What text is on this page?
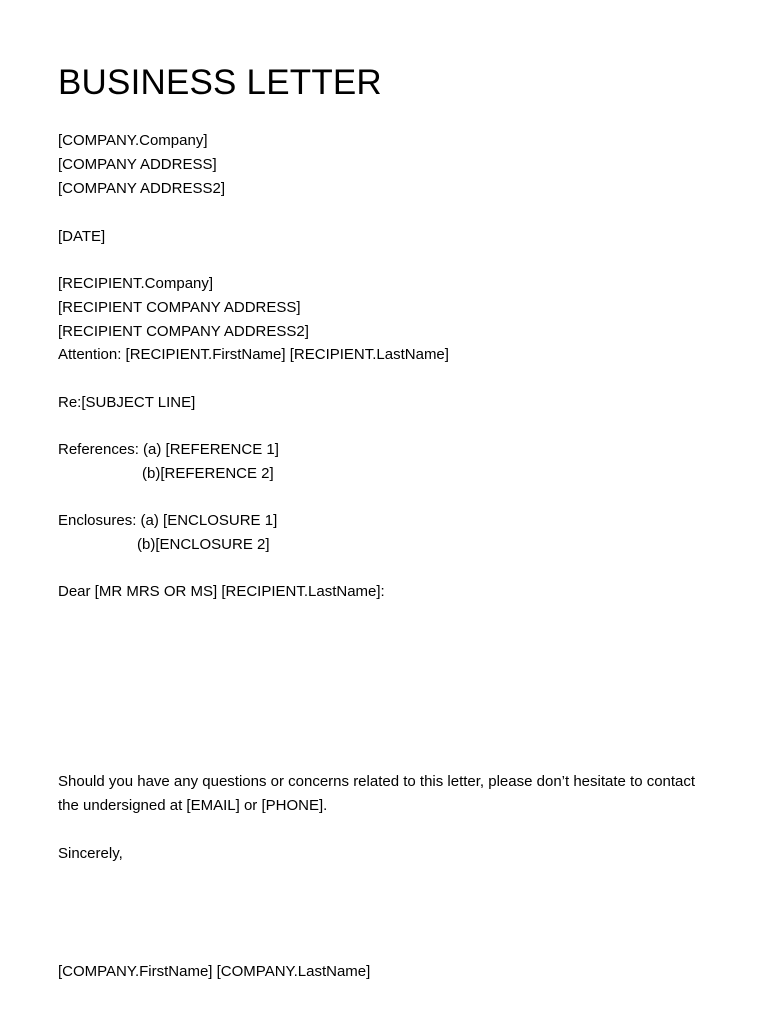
BUSINESS LETTER
[COMPANY.Company]
[COMPANY ADDRESS]
[COMPANY ADDRESS2]
[DATE]
[RECIPIENT.Company]
[RECIPIENT COMPANY ADDRESS]
[RECIPIENT COMPANY ADDRESS2]
Attention: [RECIPIENT.FirstName] [RECIPIENT.LastName]
Re:[SUBJECT LINE]
References: (a) [REFERENCE 1]
(b)[REFERENCE 2]
Enclosures: (a) [ENCLOSURE 1]
(b)[ENCLOSURE 2]
Dear [MR MRS OR MS] [RECIPIENT.LastName]:
Should you have any questions or concerns related to this letter, please don’t hesitate to contact
the undersigned at [EMAIL] or [PHONE].
Sincerely,
[COMPANY.FirstName] [COMPANY.LastName]
